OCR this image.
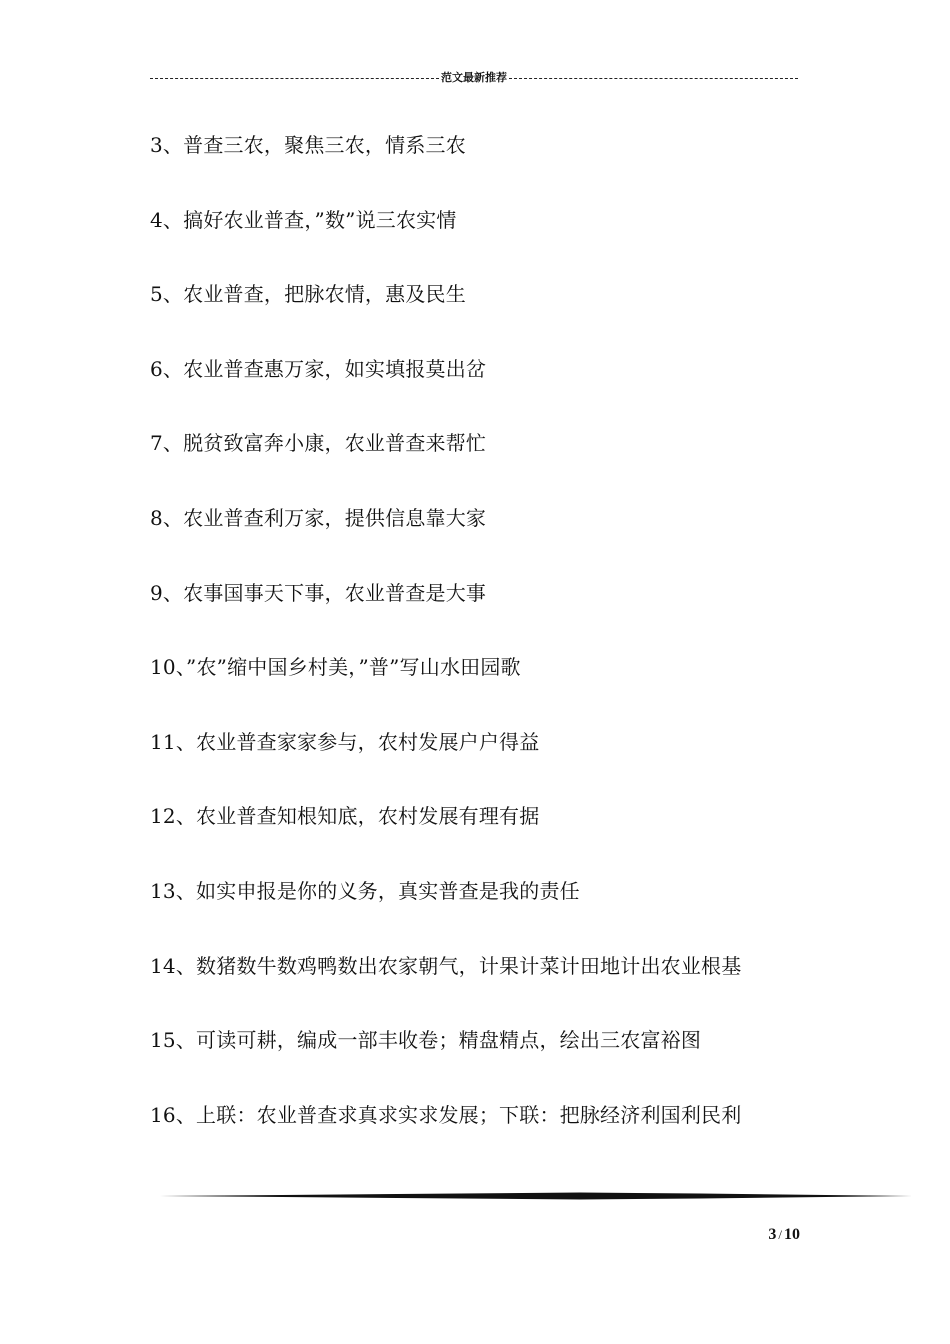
范文最新推荐
3、普查三农，聚焦三农，情系三农
4、搞好农业普查，”数”说三农实情
5、农业普查，把脉农情，惠及民生
6、农业普查惠万家，如实填报莫出岔
7、脱贫致富奔小康，农业普查来帮忙
8、农业普查利万家，提供信息靠大家
9、农事国事天下事，农业普查是大事
10、”农”缩中国乡村美，”普”写山水田园歌
11、农业普查家家参与，农村发展户户得益
12、农业普查知根知底，农村发展有理有据
13、如实申报是你的义务，真实普查是我的责任
14、数猪数牛数鸡鸭数出农家朝气，计果计菜计田地计出农业根基
15、可读可耕，编成一部丰收卷；精盘精点，绘出三农富裕图
16、上联：农业普查求真求实求发展；下联：把脉经济利国利民利
3 / 10
